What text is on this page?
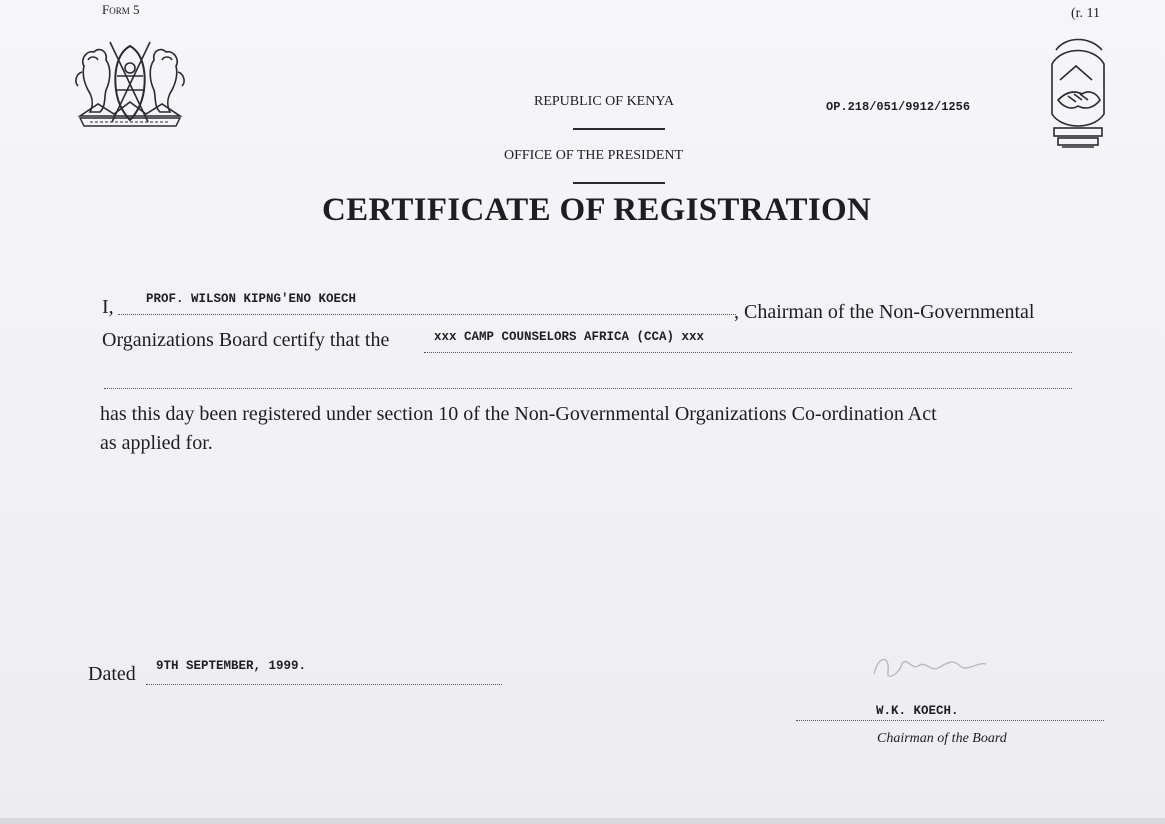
Form 5	(r. 11
REPUBLIC OF KENYA
OFFICE OF THE PRESIDENT
OP.218/051/9912/1256
CERTIFICATE OF REGISTRATION
I,	PROF. WILSON KIPNG'ENO KOECH
, Chairman of the Non-Governmental
Organizations Board certify that the	xxx CAMP COUNSELORS AFRICA (CCA) xxx
has this day been registered under section 10 of the Non-Governmental Organizations Co-ordination Act
as applied for.
Dated 9TH SEPTEMBER, 1999.
W.K. KOECH.
Chairman of the Board
